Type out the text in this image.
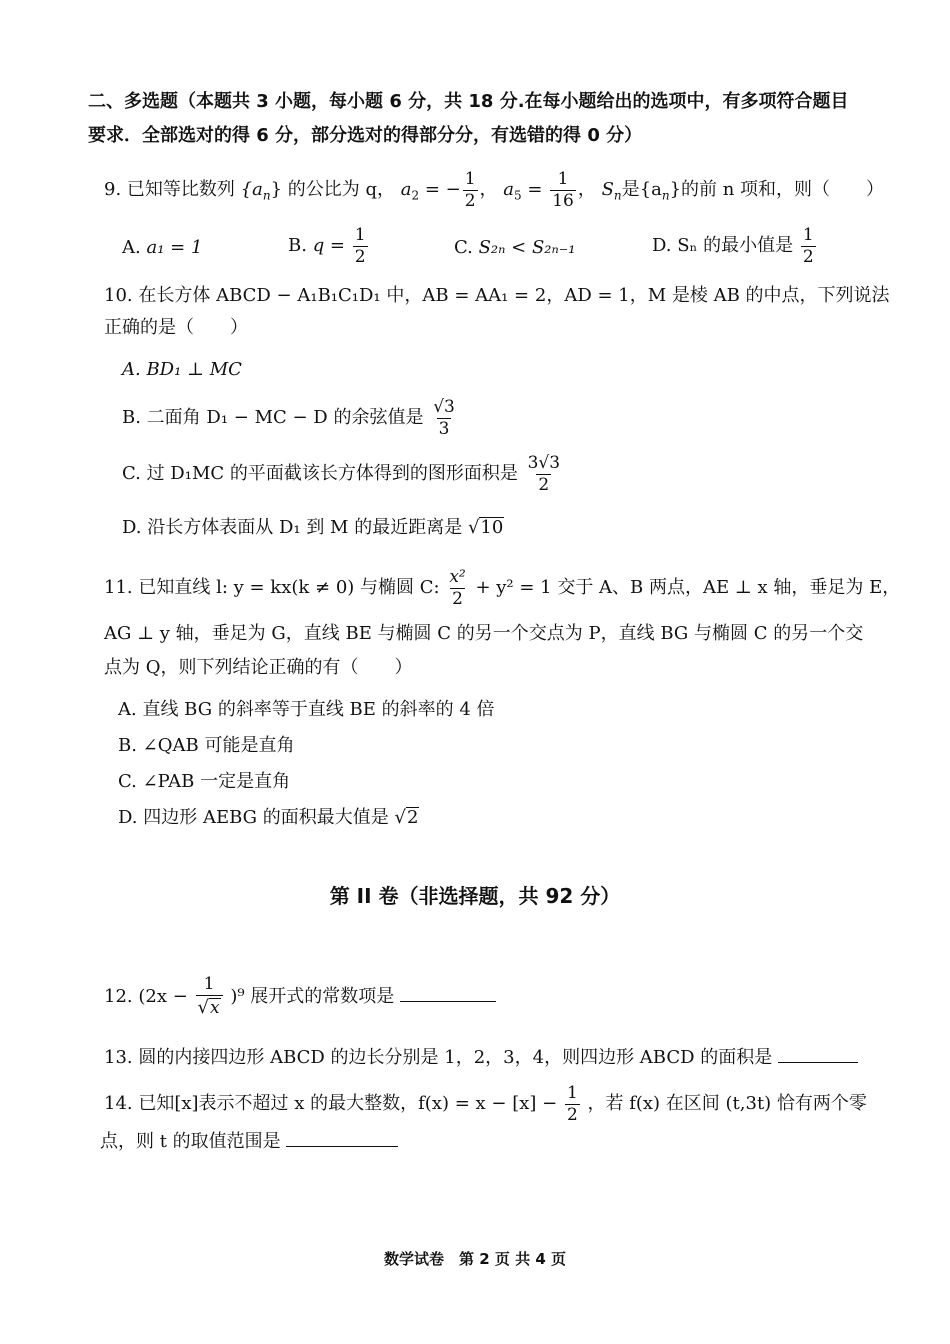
二、多选题（本题共 3 小题，每小题 6 分，共 18 分.在每小题给出的选项中，有多项符合题目
要求．全部选对的得 6 分，部分选对的得部分分，有选错的得 0 分）
9. 已知等比数列 $\{a_n\}$ 的公比为 q， $a_2$ = − $\frac{1}{2}$ ， $a_5 = \frac{1}{16}$ ， $S_n$是$\{a_n\}$的前 n 项和，则（　　）
A. a₁ = 1	B. $q = \frac{1}{2}$	C. S₂ₙ < S₂ₙ₋₁	D. Sₙ 的最小值是 $\frac{1}{2}$
10. 在长方体 ABCD − A₁B₁C₁D₁ 中，AB = AA₁ = 2，AD = 1，M 是棱 AB 的中点，下列说法
正确的是（　　）
A. BD₁ ⊥ MC
B. 二面角 D₁ − MC − D 的余弦值是 $\frac{√3}{3}$
C. 过 D₁MC 的平面截该长方体得到的图形面积是 $\frac{3√3}{2}$
D. 沿长方体表面从 D₁ 到 M 的最近距离是 √10
11. 已知直线 l: y = kx(k ≠ 0) 与椭圆 C: $\frac{\text{x²}}{2} + y^2 = 1$ 交于 A、B 两点，AE ⊥ x 轴，垂足为 E，
AG ⊥ y 轴，垂足为 G，直线 BE 与椭圆 C 的另一个交点为 P，直线 BG 与椭圆 C 的另一个交
点为 Q，则下列结论正确的有（　　）
A. 直线 BG 的斜率等于直线 BE 的斜率的 4 倍
B. ∠QAB 可能是直角
C. ∠PAB 一定是直角
D. 四边形 AEBG 的面积最大值是 √2
第 II 卷（非选择题，共 92 分）
12. $(2x - \frac{1}{√x} )^9$ 展开式的常数项是
13. 圆的内接四边形 ABCD 的边长分别是 1，2，3，4，则四边形 ABCD 的面积是
14. 已知[x]表示不超过 x 的最大整数，$f(x) = x - [x] - \frac{1}{2}$ ，若 f(x) 在区间 (t,3t) 恰有两个零
点，则 t 的取值范围是
数学试卷　第 2 页 共 4 页
